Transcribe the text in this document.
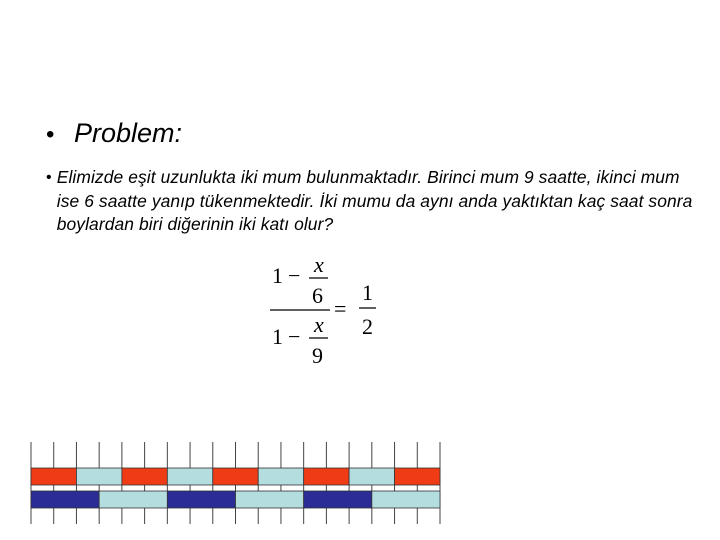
• Problem:
• Elimizde eşit uzunlukta iki mum bulunmaktadır. Birinci mum 9 saatte, ikinci mum ise 6 saatte yanıp tükenmektedir. İki mumu da aynı anda yaktıktan kaç saat sonra boylardan biri diğerinin iki katı olur?
1 − x
6
1 − x
9
=
1
2
